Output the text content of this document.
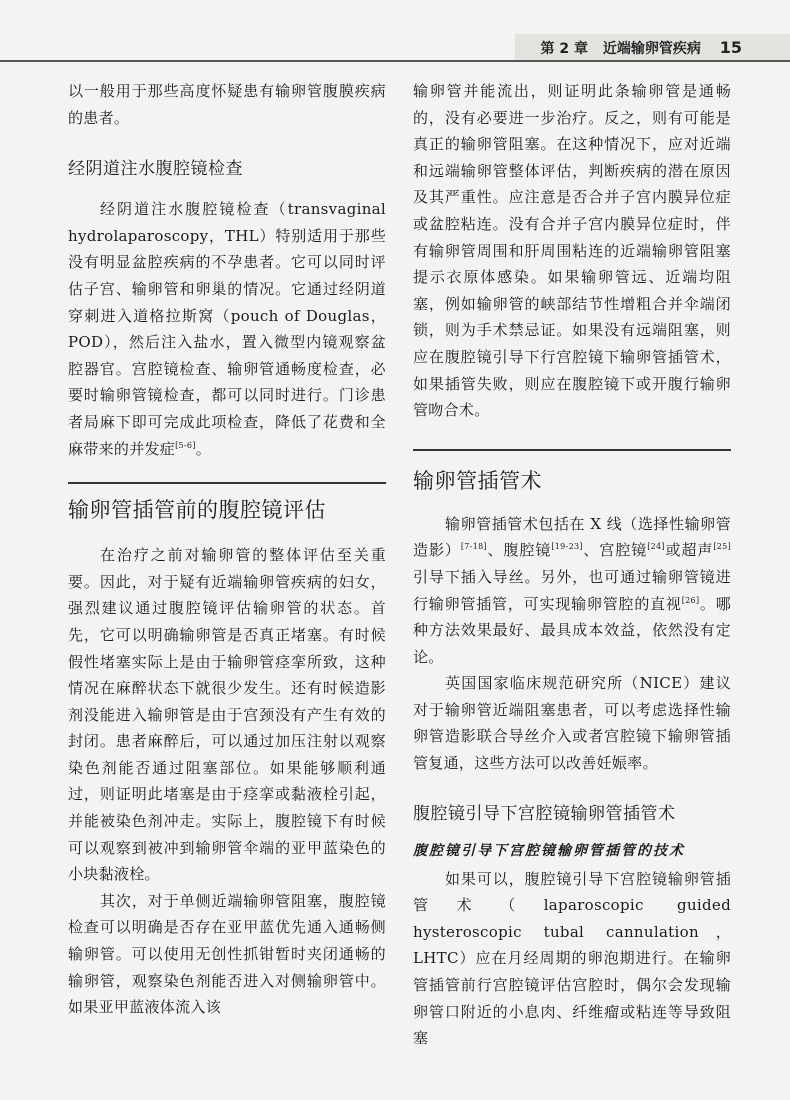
第 2 章 近端输卵管疾病 15

以一般用于那些高度怀疑患有输卵管腹膜疾病的患者。

经阴道注水腹腔镜检查

经阴道注水腹腔镜检查（transvaginal hydrolaparoscopy，THL）特别适用于那些没有明显盆腔疾病的不孕患者。它可以同时评估子宫、输卵管和卵巢的情况。它通过经阴道穿刺进入道格拉斯窝（pouch of Douglas，POD），然后注入盐水，置入微型内镜观察盆腔器官。宫腔镜检查、输卵管通畅度检查，必要时输卵管镜检查，都可以同时进行。门诊患者局麻下即可完成此项检查，降低了花费和全麻带来的并发症[5-6]。

输卵管插管前的腹腔镜评估

在治疗之前对输卵管的整体评估至关重要。因此，对于疑有近端输卵管疾病的妇女，强烈建议通过腹腔镜评估输卵管的状态。首先，它可以明确输卵管是否真正堵塞。有时候假性堵塞实际上是由于输卵管痉挛所致，这种情况在麻醉状态下就很少发生。还有时候造影剂没能进入输卵管是由于宫颈没有产生有效的封闭。患者麻醉后，可以通过加压注射以观察染色剂能否通过阻塞部位。如果能够顺利通过，则证明此堵塞是由于痉挛或黏液栓引起，并能被染色剂冲走。实际上，腹腔镜下有时候可以观察到被冲到输卵管伞端的亚甲蓝染色的小块黏液栓。

其次，对于单侧近端输卵管阻塞，腹腔镜检查可以明确是否存在亚甲蓝优先通入通畅侧输卵管。可以使用无创性抓钳暂时夹闭通畅的输卵管，观察染色剂能否进入对侧输卵管中。如果亚甲蓝液体流入该

输卵管并能流出，则证明此条输卵管是通畅的，没有必要进一步治疗。反之，则有可能是真正的输卵管阻塞。在这种情况下，应对近端和远端输卵管整体评估，判断疾病的潜在原因及其严重性。应注意是否合并子宫内膜异位症或盆腔粘连。没有合并子宫内膜异位症时，伴有输卵管周围和肝周围粘连的近端输卵管阻塞提示衣原体感染。如果输卵管远、近端均阻塞，例如输卵管的峡部结节性增粗合并伞端闭锁，则为手术禁忌证。如果没有远端阻塞，则应在腹腔镜引导下行宫腔镜下输卵管插管术，如果插管失败，则应在腹腔镜下或开腹行输卵管吻合术。

输卵管插管术

输卵管插管术包括在 X 线（选择性输卵管造影）[7-18]、腹腔镜[19-23]、宫腔镜[24]或超声[25]引导下插入导丝。另外，也可通过输卵管镜进行输卵管插管，可实现输卵管腔的直视[26]。哪种方法效果最好、最具成本效益，依然没有定论。

英国国家临床规范研究所（NICE）建议对于输卵管近端阻塞患者，可以考虑选择性输卵管造影联合导丝介入或者宫腔镜下输卵管插管复通，这些方法可以改善妊娠率。

腹腔镜引导下宫腔镜输卵管插管术
腹腔镜引导下宫腔镜输卵管插管的技术

如果可以，腹腔镜引导下宫腔镜输卵管插管术（laparoscopic guided hysteroscopic tubal cannulation，LHTC）应在月经周期的卵泡期进行。在输卵管插管前行宫腔镜评估宫腔时，偶尔会发现输卵管口附近的小息肉、纤维瘤或粘连等导致阻塞
